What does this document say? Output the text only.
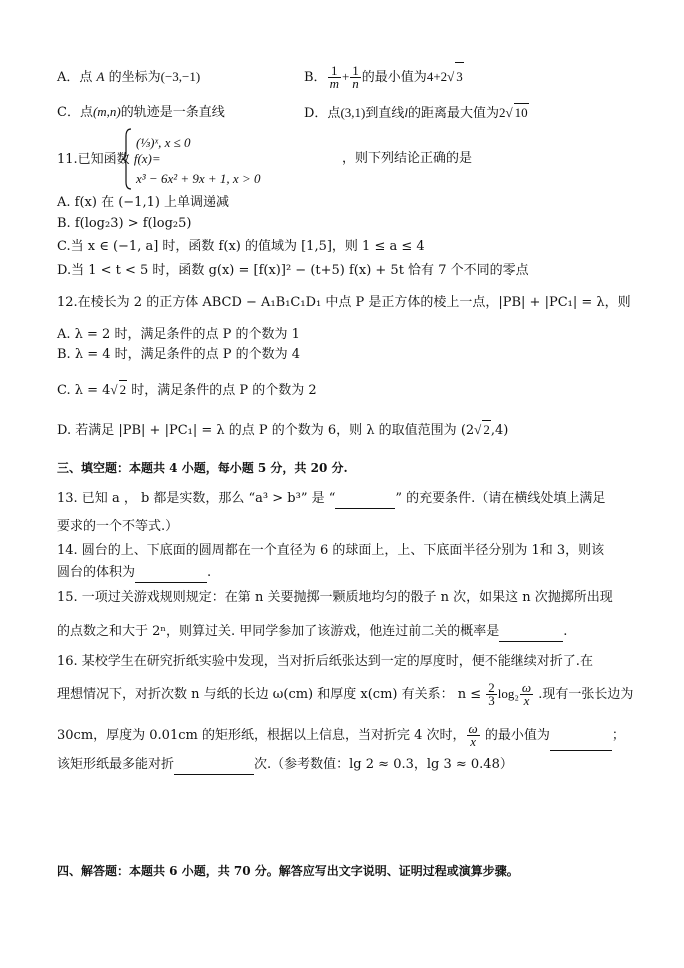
A．点 A 的坐标为(−3,−1)	B． $\frac{1}{m} + \frac{1}{n}$ 的最小值为4+2√ 3
C．点(m,n)的轨迹是一条直线	D．点(3,1)到直线l的距离最大值为2√ 10
11.已知函数 f(x)=
(⅓)ˣ, x ≤ 0
x³ − 6x² + 9x + 1, x > 0
，则下列结论正确的是
A. f(x) 在 (−1,1) 上单调递减
B. f(log₂3) > f(log₂5)
C.当 x ∈ (−1, a] 时，函数 f(x) 的值域为 [1,5]，则 1 ≤ a ≤ 4
D.当 1 < t < 5 时，函数 g(x) = [f(x)]² − (t+5) f(x) + 5t 恰有 7 个不同的零点
12.在棱长为 2 的正方体 ABCD − A₁B₁C₁D₁ 中点 P 是正方体的棱上一点，|PB| + |PC₁| = λ，则
A. λ = 2 时，满足条件的点 P 的个数为 1
B. λ = 4 时，满足条件的点 P 的个数为 4
C. λ = 4√ 2 时，满足条件的点 P 的个数为 2
D. 若满足 |PB| + |PC₁| = λ 的点 P 的个数为 6，则 λ 的取值范围为 (2√ 2,4)
三、填空题：本题共 4 小题，每小题 5 分，共 20 分.
13. 已知 a ， b 都是实数，那么 “a³ > b³” 是 “	” 的充要条件.（请在横线处填上满足
要求的一个不等式.）
14. 圆台的上、下底面的圆周都在一个直径为 6 的球面上，上、下底面半径分别为 1和 3，则该
圆台的体积为	.
15. 一项过关游戏规则规定：在第 n 关要抛掷一颗质地均匀的骰子 n 次，如果这 n 次抛掷所出现
的点数之和大于 2ⁿ，则算过关. 甲同学参加了该游戏，他连过前二关的概率是	.
16. 某校学生在研究折纸实验中发现，当对折后纸张达到一定的厚度时，便不能继续对折了.在
理想情况下，对折次数 n 与纸的长边 ω(cm) 和厚度 x(cm) 有关系： $n \le \frac{2}{3} \log_2 \frac{\omega}{x}$ .现有一张长边为
30cm，厚度为 0.01cm 的矩形纸，根据以上信息，当对折完 4 次时， $\frac{\omega}{x}$ 的最小值为	；
该矩形纸最多能对折	次.（参考数值：lg 2 ≈ 0.3，lg 3 ≈ 0.48）
四、解答题：本题共 6 小题，共 70 分。解答应写出文字说明、证明过程或演算步骤。
